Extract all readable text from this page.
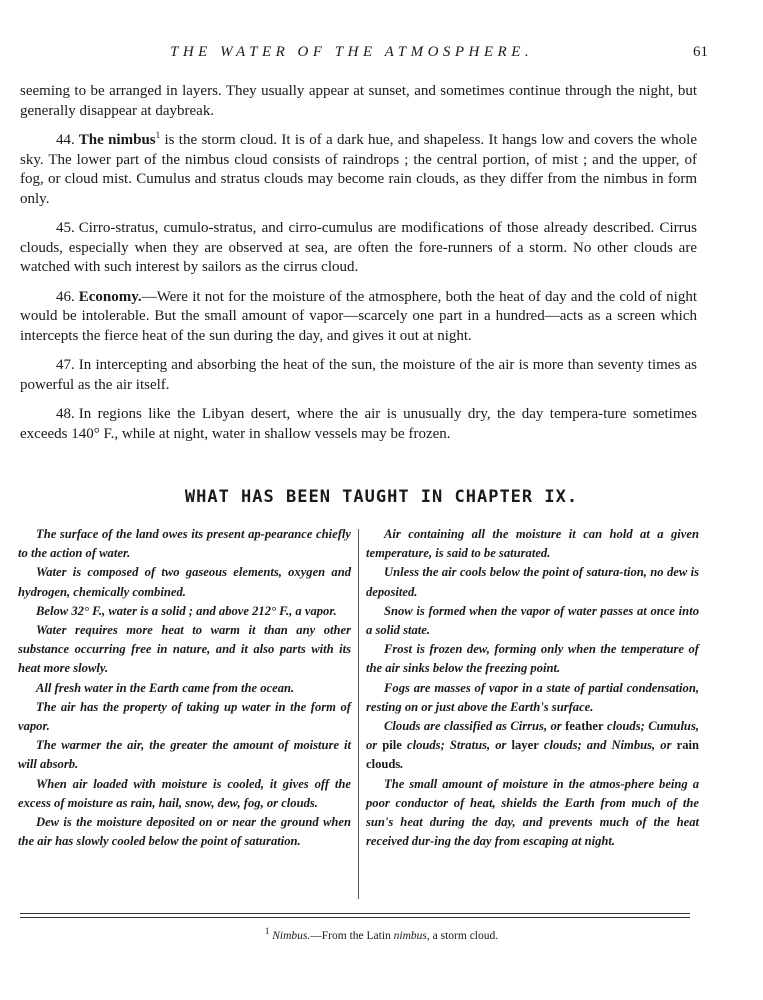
THE WATER OF THE ATMOSPHERE.	61

seeming to be arranged in layers. They usually appear at sunset, and sometimes continue through the night, but generally disappear at daybreak.

44. The nimbus$^1$ is the storm cloud. It is of a dark hue, and shapeless. It hangs low and covers the whole sky. The lower part of the nimbus cloud consists of raindrops ; the central portion, of mist ; and the upper, of fog, or cloud mist. Cumulus and stratus clouds may become rain clouds, as they differ from the nimbus in form only.

45. Cirro-stratus, cumulo-stratus, and cirro-cumulus are modifications of those already described. Cirrus clouds, especially when they are observed at sea, are often the fore-runners of a storm. No other clouds are watched with such interest by sailors as the cirrus cloud.

46. Economy.—Were it not for the moisture of the atmosphere, both the heat of day and the cold of night would be intolerable. But the small amount of vapor—scarcely one part in a hundred—acts as a screen which intercepts the fierce heat of the sun during the day, and gives it out at night.

47. In intercepting and absorbing the heat of the sun, the moisture of the air is more than seventy times as powerful as the air itself.

48. In regions like the Libyan desert, where the air is unusually dry, the day tempera-ture sometimes exceeds 140° F., while at night, water in shallow vessels may be frozen.

WHAT HAS BEEN TAUGHT IN CHAPTER IX.

The surface of the land owes its present ap-pearance chiefly to the action of water.

Water is composed of two gaseous elements, oxygen and hydrogen, chemically combined.

Below 32° F., water is a solid ; and above 212° F., a vapor.

Water requires more heat to warm it than any other substance occurring free in nature, and it also parts with its heat more slowly.

All fresh water in the Earth came from the ocean.

The air has the property of taking up water in the form of vapor.

The warmer the air, the greater the amount of moisture it will absorb.

When air loaded with moisture is cooled, it gives off the excess of moisture as rain, hail, snow, dew, fog, or clouds.

Dew is the moisture deposited on or near the ground when the air has slowly cooled below the point of saturation.

Air containing all the moisture it can hold at a given temperature, is said to be saturated.

Unless the air cools below the point of satura-tion, no dew is deposited.

Snow is formed when the vapor of water passes at once into a solid state.

Frost is frozen dew, forming only when the temperature of the air sinks below the freezing point.

Fogs are masses of vapor in a state of partial condensation, resting on or just above the Earth's surface.

Clouds are classified as Cirrus, or feather clouds; Cumulus, or pile clouds; Stratus, or layer clouds; and Nimbus, or rain clouds.

The small amount of moisture in the atmos-phere being a poor conductor of heat, shields the Earth from much of the sun's heat during the day, and prevents much of the heat received dur-ing the day from escaping at night.

$^1$ Nimbus.—From the Latin nimbus, a storm cloud.
